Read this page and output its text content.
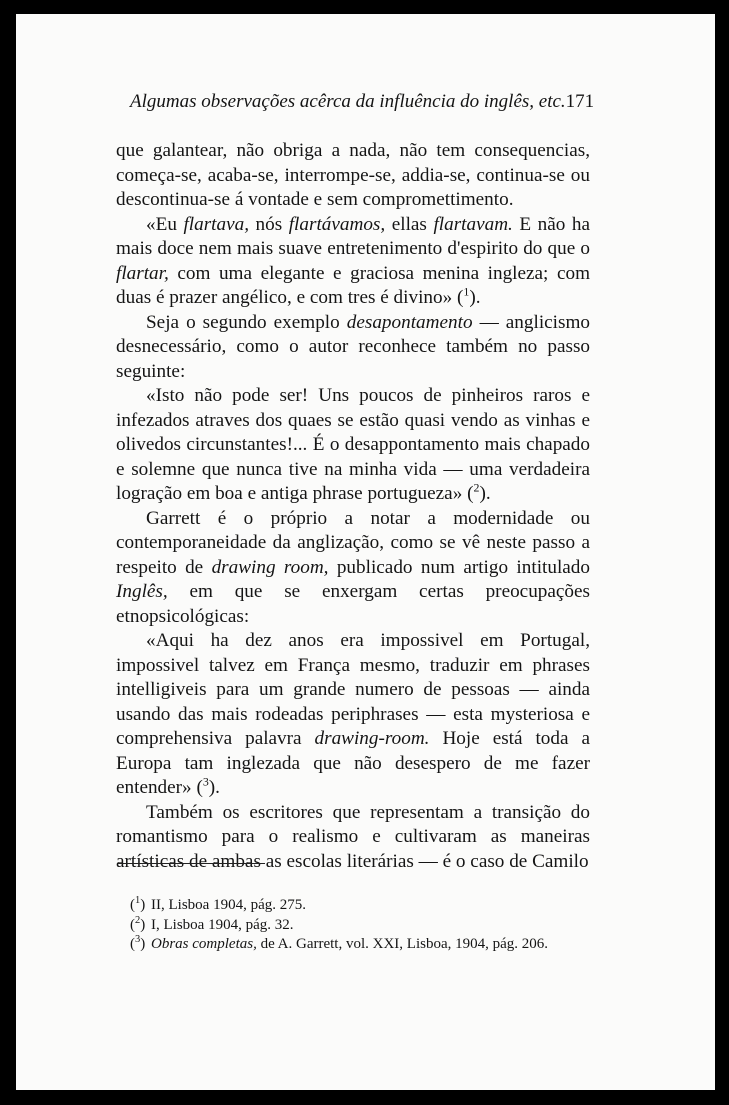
Algumas observações acêrca da influência do inglês, etc. 171

que galantear, não obriga a nada, não tem consequencias, começa-se, acaba-se, interrompe-se, addia-se, continua-se ou descontinua-se á vontade e sem compromettimento.

«Eu flartava, nós flartávamos, ellas flartavam. E não ha mais doce nem mais suave entretenimento d'espirito do que o flartar, com uma elegante e graciosa menina ingleza; com duas é prazer angélico, e com tres é divino» ($^1$).

Seja o segundo exemplo desapontamento — anglicismo desnecessário, como o autor reconhece também no passo seguinte:

«Isto não pode ser! Uns poucos de pinheiros raros e infezados atraves dos quaes se estão quasi vendo as vinhas e olivedos circunstantes!... É o desappontamento mais chapado e solemne que nunca tive na minha vida — uma verdadeira logração em boa e antiga phrase portugueza» ($^2$).

Garrett é o próprio a notar a modernidade ou contemporaneidade da anglização, como se vê neste passo a respeito de drawing room, publicado num artigo intitulado Inglês, em que se enxergam certas preocupações etnopsicológicas:

«Aqui ha dez anos era impossivel em Portugal, impossivel talvez em França mesmo, traduzir em phrases intelligiveis para um grande numero de pessoas — ainda usando das mais rodeadas periphrases — esta mysteriosa e comprehensiva palavra drawing-room. Hoje está toda a Europa tam inglezada que não desespero de me fazer entender» ($^3$).

Também os escritores que representam a transição do romantismo para o realismo e cultivaram as maneiras artísticas de ambas as escolas literárias — é o caso de Camilo

($^1$) II, Lisboa 1904, pág. 275.
($^2$) I, Lisboa 1904, pág. 32.
($^3$) Obras completas, de A. Garrett, vol. XXI, Lisboa, 1904, pág. 206.
